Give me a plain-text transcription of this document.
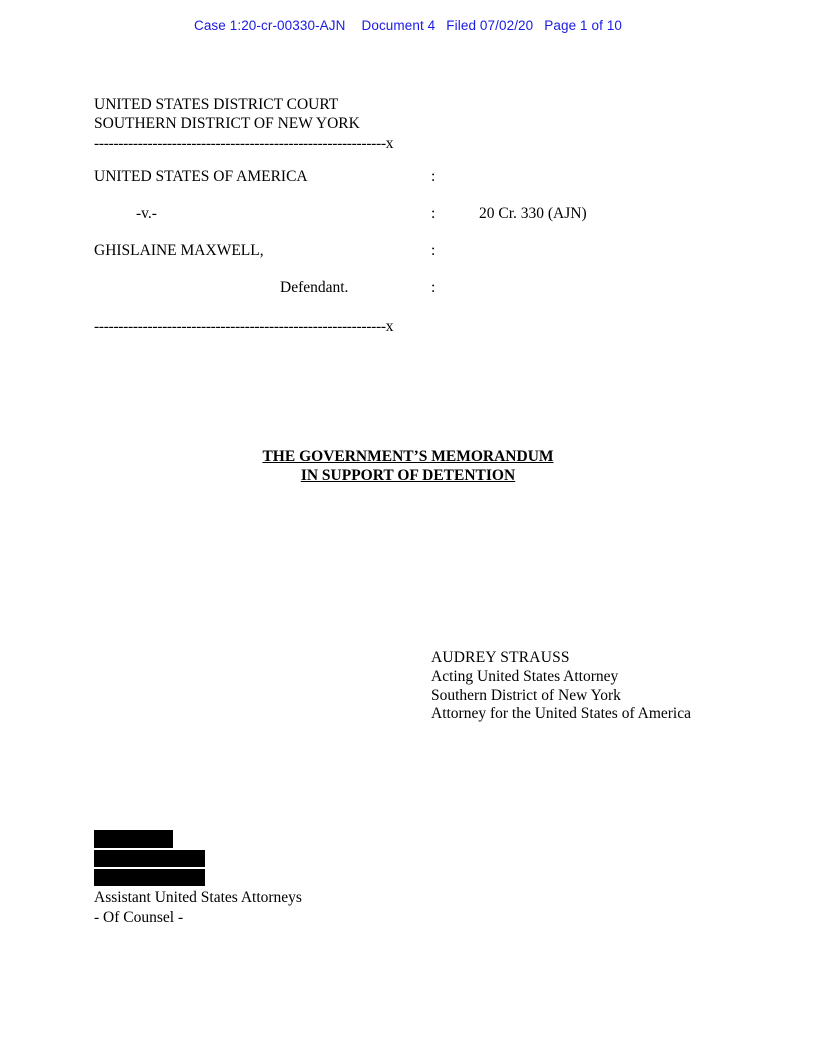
Case 1:20-cr-00330-AJN Document 4 Filed 07/02/20 Page 1 of 10
UNITED STATES DISTRICT COURT
SOUTHERN DISTRICT OF NEW YORK
------------------------------------------------------------x
UNITED STATES OF AMERICA	:
-v.-	:	20 Cr. 330 (AJN)
GHISLAINE MAXWELL,	:
Defendant.	:
------------------------------------------------------------x
THE GOVERNMENT’S MEMORANDUM
IN SUPPORT OF DETENTION
AUDREY STRAUSS
Acting United States Attorney
Southern District of New York
Attorney for the United States of America
Assistant United States Attorneys
- Of Counsel -
